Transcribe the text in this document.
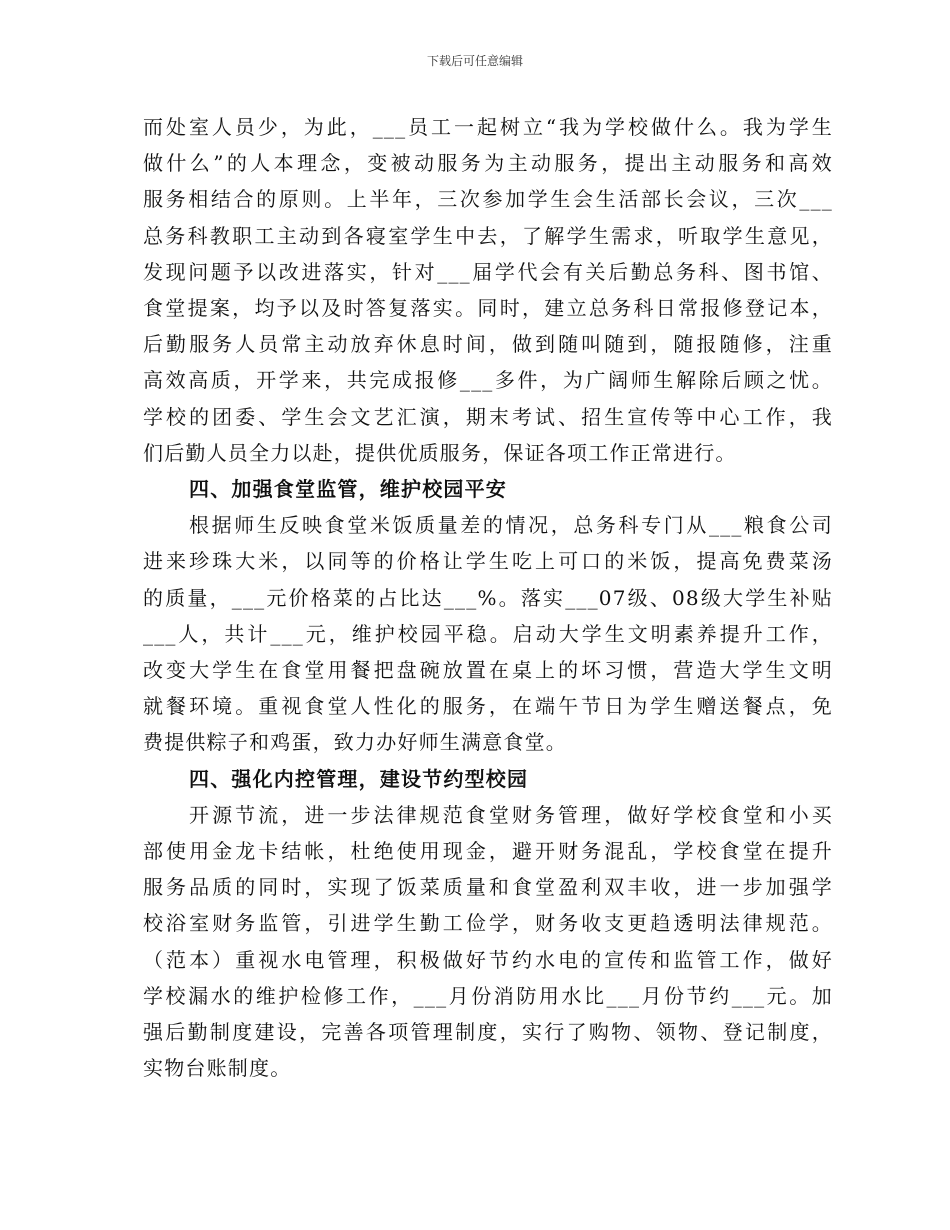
下载后可任意编辑
而处室人员少，为此，___员工一起树立“我为学校做什么。我为学生
做什么”的人本理念，变被动服务为主动服务，提出主动服务和高效
服务相结合的原则。上半年，三次参加学生会生活部长会议，三次___
总务科教职工主动到各寝室学生中去，了解学生需求，听取学生意见，
发现问题予以改进落实，针对___届学代会有关后勤总务科、图书馆、
食堂提案，均予以及时答复落实。同时，建立总务科日常报修登记本，
后勤服务人员常主动放弃休息时间，做到随叫随到，随报随修，注重
高效高质，开学来，共完成报修___多件，为广阔师生解除后顾之忧。
学校的团委、学生会文艺汇演，期末考试、招生宣传等中心工作，我
们后勤人员全力以赴，提供优质服务，保证各项工作正常进行。
四、加强食堂监管，维护校园平安
根据师生反映食堂米饭质量差的情况，总务科专门从___粮食公司
进来珍珠大米，以同等的价格让学生吃上可口的米饭，提高免费菜汤
的质量，___元价格菜的占比达___%。落实___07级、08级大学生补贴
___人，共计___元，维护校园平稳。启动大学生文明素养提升工作，
改变大学生在食堂用餐把盘碗放置在桌上的坏习惯，营造大学生文明
就餐环境。重视食堂人性化的服务，在端午节日为学生赠送餐点，免
费提供粽子和鸡蛋，致力办好师生满意食堂。
四、强化内控管理，建设节约型校园
开源节流，进一步法律规范食堂财务管理，做好学校食堂和小买
部使用金龙卡结帐，杜绝使用现金，避开财务混乱，学校食堂在提升
服务品质的同时，实现了饭菜质量和食堂盈利双丰收，进一步加强学
校浴室财务监管，引进学生勤工俭学，财务收支更趋透明法律规范。
（范本）重视水电管理，积极做好节约水电的宣传和监管工作，做好
学校漏水的维护检修工作，___月份消防用水比___月份节约___元。加
强后勤制度建设，完善各项管理制度，实行了购物、领物、登记制度，
实物台账制度。
